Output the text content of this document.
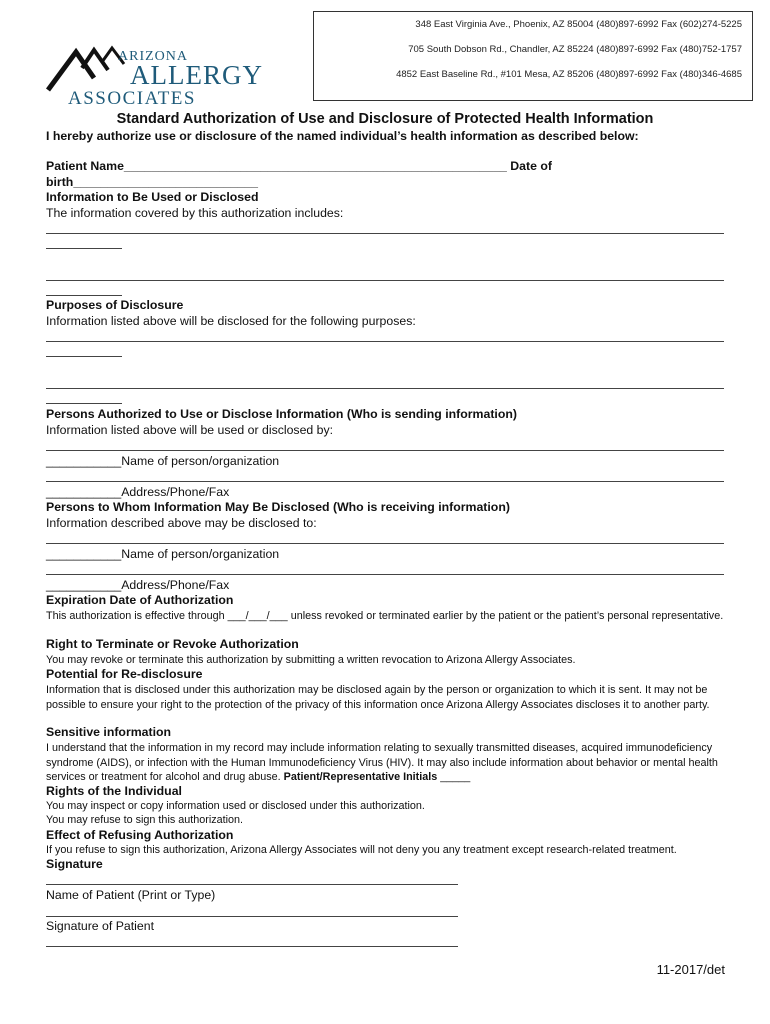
348 East Virginia Ave., Phoenix, AZ 85004 (480)897-6992 Fax (602)274-5225
705 South Dobson Rd., Chandler, AZ 85224 (480)897-6992 Fax (480)752-1757
4852 East Baseline Rd., #101 Mesa, AZ 85206 (480)897-6992 Fax (480)346-4685
ARIZONA
ALLERGY
ASSOCIATES
Standard Authorization of Use and Disclosure of Protected Health Information
I hereby authorize use or disclosure of the named individual’s health information as described below:
Patient Name________________________________________________________ Date of
birth___________________________
Information to Be Used or Disclosed
The information covered by this authorization includes:
Purposes of Disclosure
Information listed above will be disclosed for the following purposes:
Persons Authorized to Use or Disclose Information (Who is sending information)
Information listed above will be used or disclosed by:
___________Name of person/organization
___________Address/Phone/Fax
Persons to Whom Information May Be Disclosed (Who is receiving information)
Information described above may be disclosed to:
___________Name of person/organization
___________Address/Phone/Fax
Expiration Date of Authorization
This authorization is effective through ___/___/___ unless revoked or terminated earlier by the patient or the patient’s personal representative.
Right to Terminate or Revoke Authorization
You may revoke or terminate this authorization by submitting a written revocation to Arizona Allergy Associates.
Potential for Re-disclosure
Information that is disclosed under this authorization may be disclosed again by the person or organization to which it is sent. It may not be possible to ensure your right to the protection of the privacy of this information once Arizona Allergy Associates discloses it to another party.
Sensitive information
I understand that the information in my record may include information relating to sexually transmitted diseases, acquired immunodeficiency syndrome (AIDS), or infection with the Human Immunodeficiency Virus (HIV). It may also include information about behavior or mental health services or treatment for alcohol and drug abuse. Patient/Representative Initials _____
Rights of the Individual
You may inspect or copy information used or disclosed under this authorization.
You may refuse to sign this authorization.
Effect of Refusing Authorization
If you refuse to sign this authorization, Arizona Allergy Associates will not deny you any treatment except research-related treatment.
Signature
Name of Patient (Print or Type)
Signature of Patient
11-2017/det
